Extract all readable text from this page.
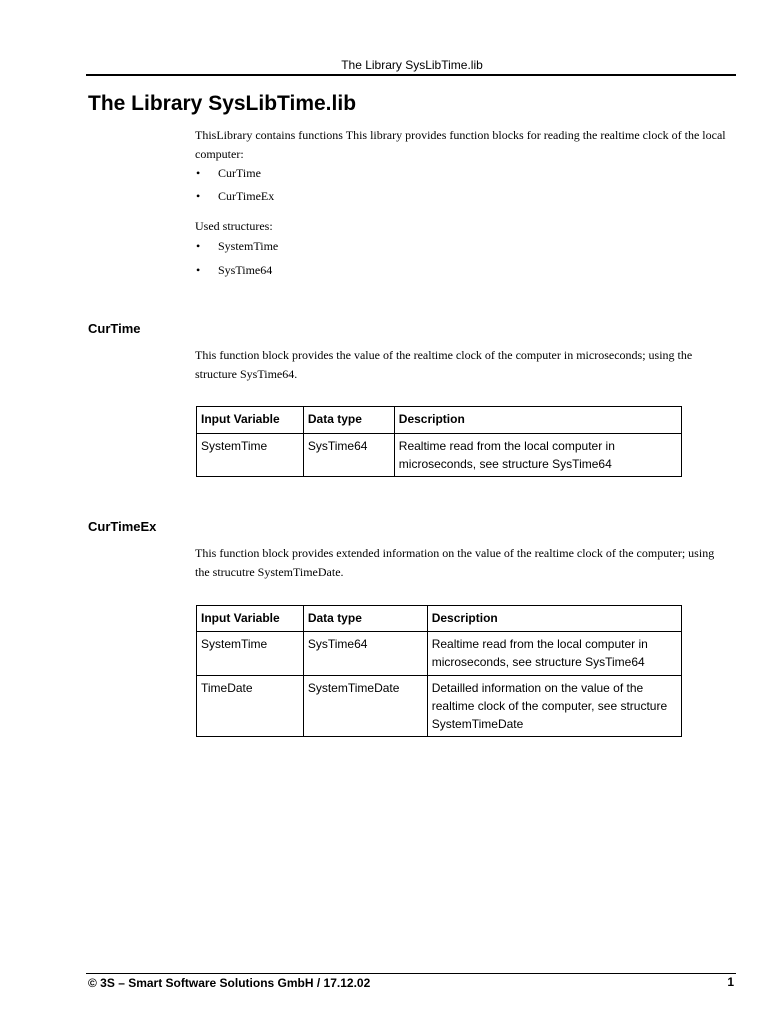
The Library SysLibTime.lib
The Library SysLibTime.lib
ThisLibrary contains functions This library provides function blocks for reading the realtime clock of the local computer:
• CurTime
• CurTimeEx
Used structures:
• SystemTime
• SysTime64
CurTime
This function block provides the value of the realtime clock of the computer in microseconds; using the structure SysTime64.
Input Variable	Data type	Description
SystemTime	SysTime64	Realtime read from the local computer in microseconds, see structure SysTime64
CurTimeEx
This function block provides extended information on the value of the realtime clock of the computer; using the strucutre SystemTimeDate.
Input Variable	Data type	Description
SystemTime	SysTime64	Realtime read from the local computer in microseconds, see structure SysTime64
TimeDate	SystemTimeDate	Detailled information on the value of the realtime clock of the computer, see structure SystemTimeDate
© 3S – Smart Software Solutions GmbH / 17.12.02	1
